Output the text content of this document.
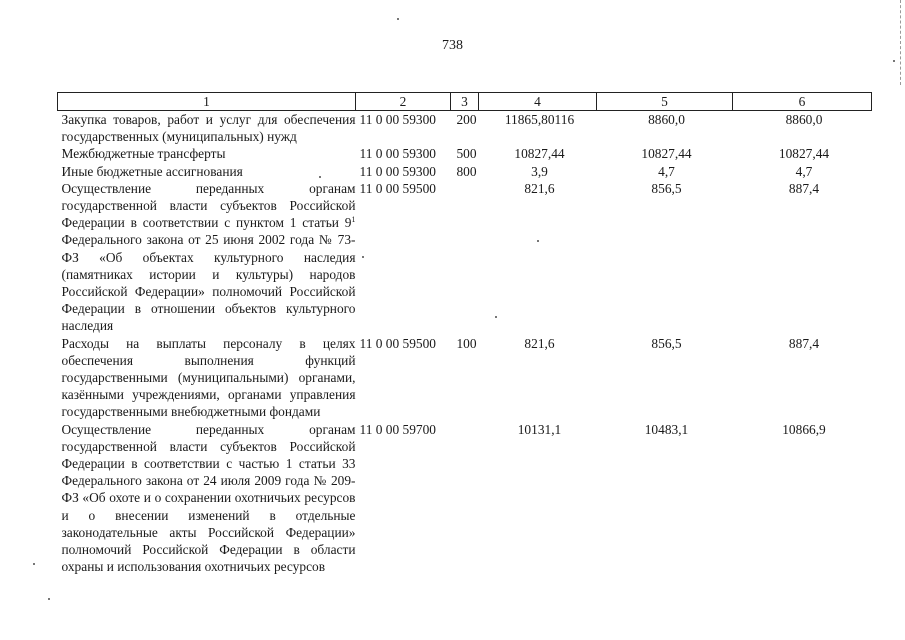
738
1	2	3	4	5	6
Закупка товаров, работ и услуг для обеспечения государственных (муниципальных) нужд	11 0 00 59300	200	11865,80116	8860,0	8860,0
Межбюджетные трансферты	11 0 00 59300	500	10827,44	10827,44	10827,44
Иные бюджетные ассигнования	11 0 00 59300	800	3,9	4,7	4,7
Осуществление переданных органам государственной власти субъектов Российской Федерации в соответствии с пунктом 1 статьи $9^1$ Федерального закона от 25 июня 2002 года № 73-ФЗ «Об объектах культурного наследия (памятниках истории и культуры) народов Российской Федерации» полномочий Российской Федерации в отношении объектов культурного наследия	11 0 00 59500		821,6	856,5	887,4
Расходы на выплаты персоналу в целях обеспечения выполнения функций государственными (муниципальными) органами, казёнными учреждениями, органами управления государственными внебюджетными фондами	11 0 00 59500	100	821,6	856,5	887,4
Осуществление переданных органам государственной власти субъектов Российской Федерации в соответствии с частью 1 статьи 33 Федерального закона от 24 июля 2009 года № 209-ФЗ «Об охоте и о сохранении охотничьих ресурсов и о внесении изменений в отдельные законодательные акты Российской Федерации» полномочий Российской Федерации в области охраны и использования охотничьих ресурсов	11 0 00 59700		10131,1	10483,1	10866,9
